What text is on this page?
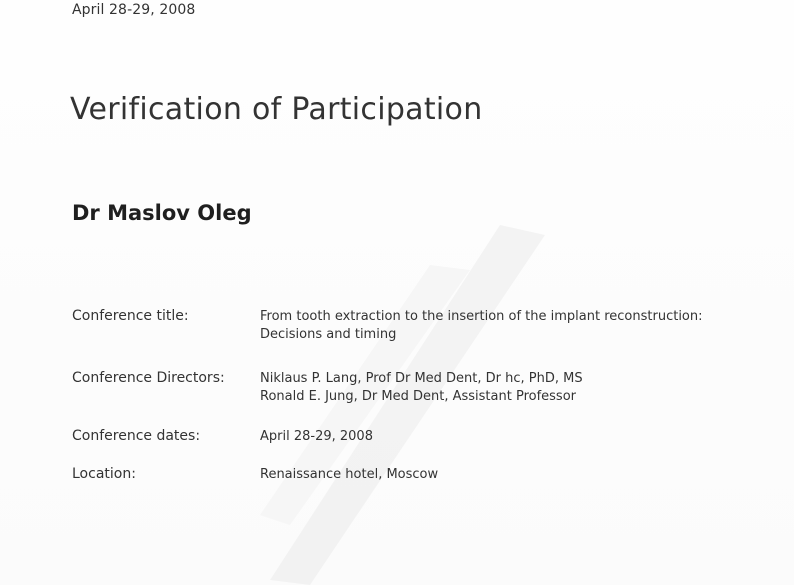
April 28-29, 2008
Verification of Participation
Dr Maslov Oleg
Conference title:	From tooth extraction to the insertion of the implant reconstruction:
Decisions and timing
Conference Directors:	Niklaus P. Lang, Prof Dr Med Dent, Dr hc, PhD, MS
Ronald E. Jung, Dr Med Dent, Assistant Professor
Conference dates:	April 28-29, 2008
Location:	Renaissance hotel, Moscow
